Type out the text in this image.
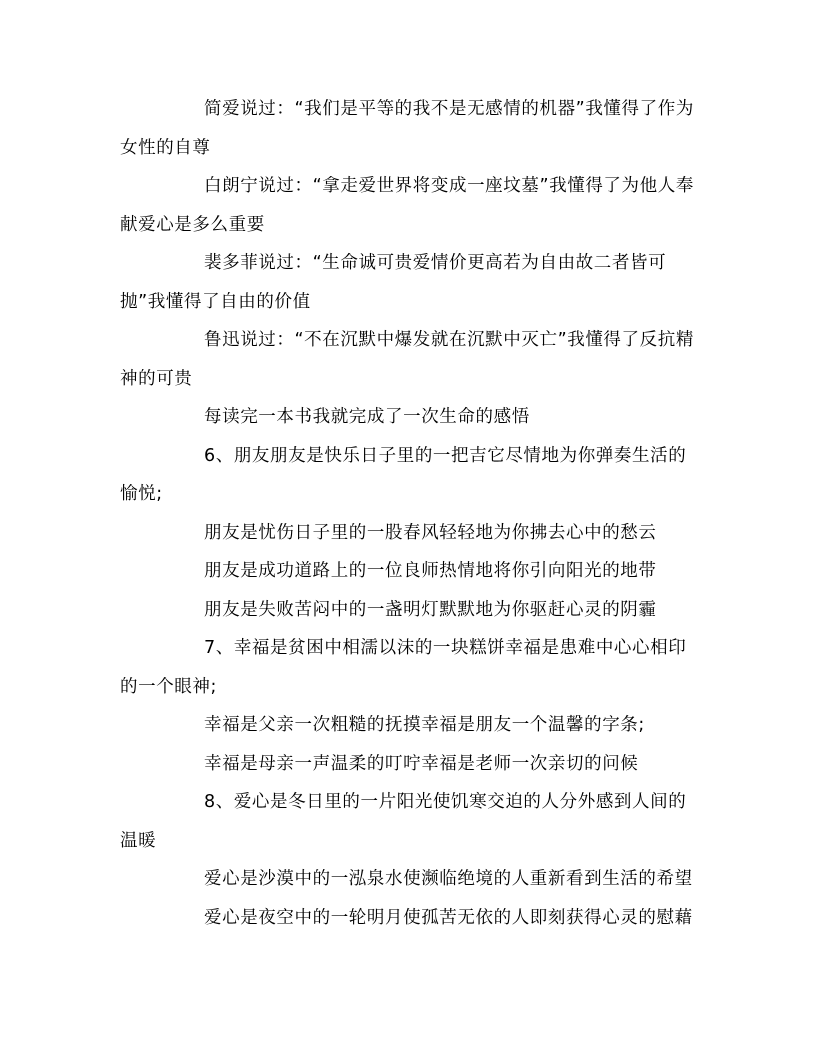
简爱说过：“我们是平等的我不是无感情的机器”我懂得了作为女性的自尊

白朗宁说过：“拿走爱世界将变成一座坟墓”我懂得了为他人奉献爱心是多么重要

裴多菲说过：“生命诚可贵爱情价更高若为自由故二者皆可抛”我懂得了自由的价值

鲁迅说过：“不在沉默中爆发就在沉默中灭亡”我懂得了反抗精神的可贵

每读完一本书我就完成了一次生命的感悟

6、朋友朋友是快乐日子里的一把吉它尽情地为你弹奏生活的愉悦;

朋友是忧伤日子里的一股春风轻轻地为你拂去心中的愁云

朋友是成功道路上的一位良师热情地将你引向阳光的地带

朋友是失败苦闷中的一盏明灯默默地为你驱赶心灵的阴霾

7、幸福是贫困中相濡以沫的一块糕饼幸福是患难中心心相印的一个眼神;

幸福是父亲一次粗糙的抚摸幸福是朋友一个温馨的字条;

幸福是母亲一声温柔的叮咛幸福是老师一次亲切的问候

8、爱心是冬日里的一片阳光使饥寒交迫的人分外感到人间的温暖

爱心是沙漠中的一泓泉水使濒临绝境的人重新看到生活的希望

爱心是夜空中的一轮明月使孤苦无依的人即刻获得心灵的慰藉
